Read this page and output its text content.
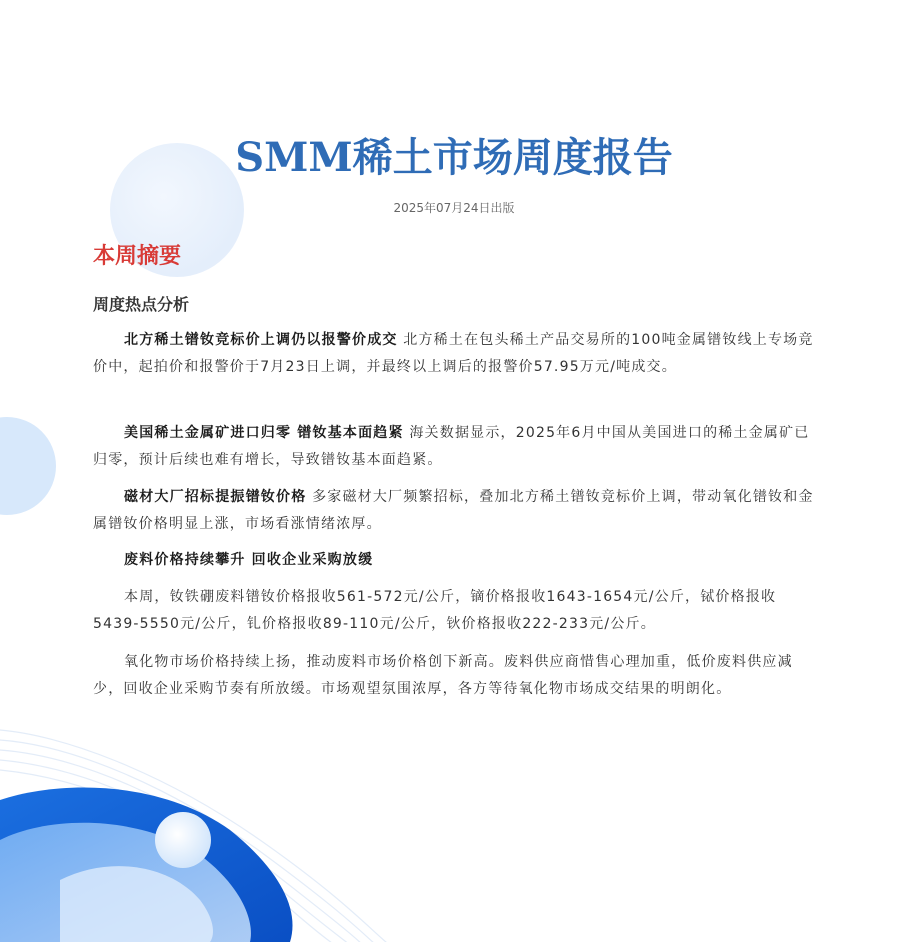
SMM稀土市场周度报告
2025年07月24日出版
本周摘要
周度热点分析

北方稀土镨钕竞标价上调仍以报警价成交 北方稀土在包头稀土产品交易所的100吨金属镨钕线上专场竞价中，起拍价和报警价于7月23日上调，并最终以上调后的报警价57.95万元/吨成交。

美国稀土金属矿进口归零 镨钕基本面趋紧 海关数据显示，2025年6月中国从美国进口的稀土金属矿已归零，预计后续也难有增长，导致镨钕基本面趋紧。

磁材大厂招标提振镨钕价格 多家磁材大厂频繁招标，叠加北方稀土镨钕竞标价上调，带动氧化镨钕和金属镨钕价格明显上涨，市场看涨情绪浓厚。

废料价格持续攀升 回收企业采购放缓

本周，钕铁硼废料镨钕价格报收561-572元/公斤，镝价格报收1643-1654元/公斤，铽价格报收5439-5550元/公斤，钆价格报收89-110元/公斤，钬价格报收222-233元/公斤。

氧化物市场价格持续上扬，推动废料市场价格创下新高。废料供应商惜售心理加重，低价废料供应减少，回收企业采购节奏有所放缓。市场观望氛围浓厚，各方等待氧化物市场成交结果的明朗化。
